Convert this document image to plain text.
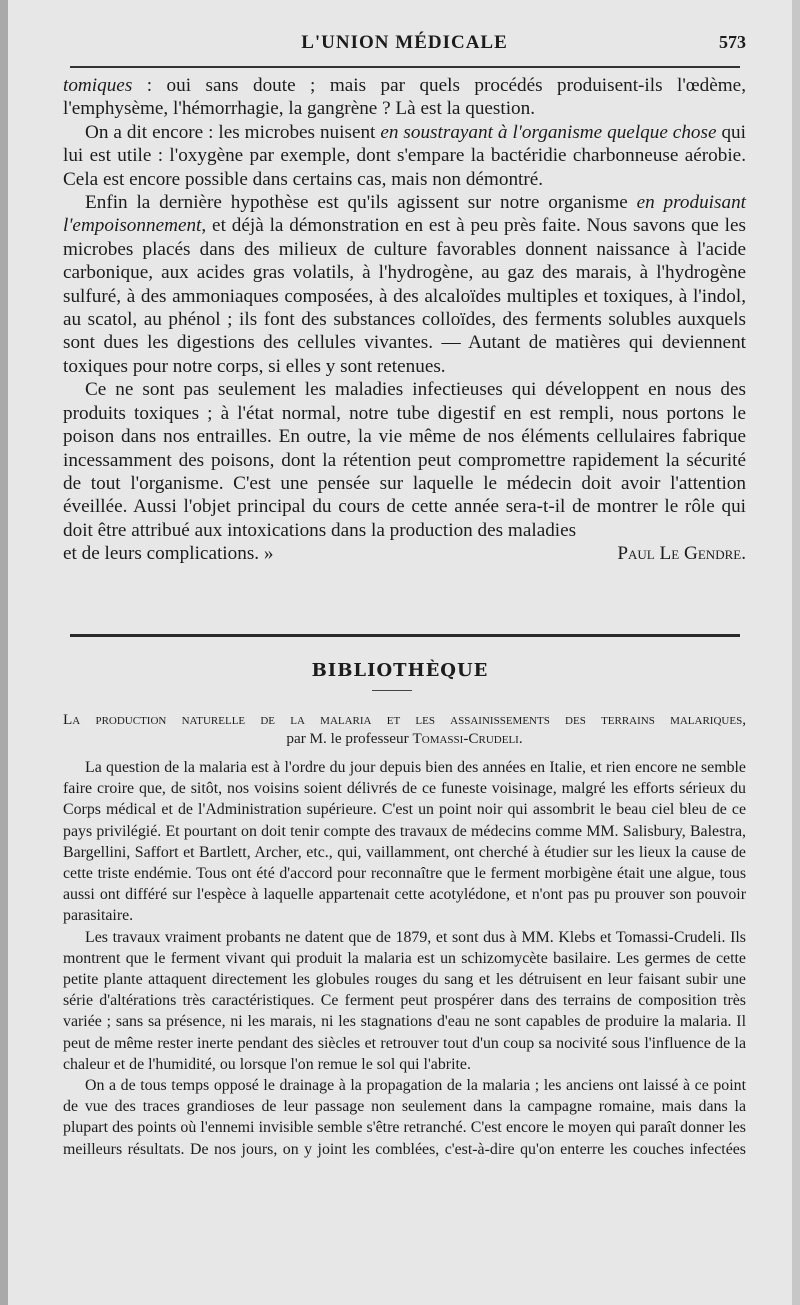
L'UNION MÉDICALE	573

tomiques : oui sans doute ; mais par quels procédés produisent-ils l'œdème, l'emphysème, l'hémorrhagie, la gangrène ? Là est la question.

On a dit encore : les microbes nuisent en soustrayant à l'organisme quelque chose qui lui est utile : l'oxygène par exemple, dont s'empare la bactéridie charbonneuse aérobie. Cela est encore possible dans certains cas, mais non démontré.

Enfin la dernière hypothèse est qu'ils agissent sur notre organisme en produisant l'empoisonnement, et déjà la démonstration en est à peu près faite. Nous savons que les microbes placés dans des milieux de culture favorables donnent naissance à l'acide carbonique, aux acides gras volatils, à l'hydrogène, au gaz des marais, à l'hydrogène sulfuré, à des ammoniaques composées, à des alcaloïdes multiples et toxiques, à l'indol, au scatol, au phénol ; ils font des substances colloïdes, des ferments solubles auxquels sont dues les digestions des cellules vivantes. — Autant de matières qui deviennent toxiques pour notre corps, si elles y sont retenues.

Ce ne sont pas seulement les maladies infectieuses qui développent en nous des produits toxiques ; à l'état normal, notre tube digestif en est rempli, nous portons le poison dans nos entrailles. En outre, la vie même de nos éléments cellulaires fabrique incessamment des poisons, dont la rétention peut compromettre rapidement la sécurité de tout l'organisme. C'est une pensée sur laquelle le médecin doit avoir l'attention éveillée. Aussi l'objet principal du cours de cette année sera-t-il de montrer le rôle qui doit être attribué aux intoxications dans la production des maladies

et de leurs complications. »	Paul Le Gendre.
BIBLIOTHÈQUE
La production naturelle de la malaria et les assainissements des terrains malariques,
par M. le professeur Tomassi-Crudeli.

La question de la malaria est à l'ordre du jour depuis bien des années en Italie, et rien encore ne semble faire croire que, de sitôt, nos voisins soient délivrés de ce funeste voisinage, malgré les efforts sérieux du Corps médical et de l'Administration supérieure. C'est un point noir qui assombrit le beau ciel bleu de ce pays privilégié. Et pourtant on doit tenir compte des travaux de médecins comme MM. Salisbury, Balestra, Bargellini, Saffort et Bartlett, Archer, etc., qui, vaillamment, ont cherché à étudier sur les lieux la cause de cette triste endémie. Tous ont été d'accord pour reconnaître que le ferment morbigène était une algue, tous aussi ont différé sur l'espèce à laquelle appartenait cette acotylédone, et n'ont pas pu prouver son pouvoir parasitaire.

Les travaux vraiment probants ne datent que de 1879, et sont dus à MM. Klebs et Tomassi-Crudeli. Ils montrent que le ferment vivant qui produit la malaria est un schizomycète basilaire. Les germes de cette petite plante attaquent directement les globules rouges du sang et les détruisent en leur faisant subir une série d'altérations très caractéristiques. Ce ferment peut prospérer dans des terrains de composition très variée ; sans sa présence, ni les marais, ni les stagnations d'eau ne sont capables de produire la malaria. Il peut de même rester inerte pendant des siècles et retrouver tout d'un coup sa nocivité sous l'influence de la chaleur et de l'humidité, ou lorsque l'on remue le sol qui l'abrite.

On a de tous temps opposé le drainage à la propagation de la malaria ; les anciens ont laissé à ce point de vue des traces grandioses de leur passage non seulement dans la campagne romaine, mais dans la plupart des points où l'ennemi invisible semble s'être retranché. C'est encore le moyen qui paraît donner les meilleurs résultats. De nos jours, on y joint les comblées, c'est-à-dire qu'on enterre les couches infectées
